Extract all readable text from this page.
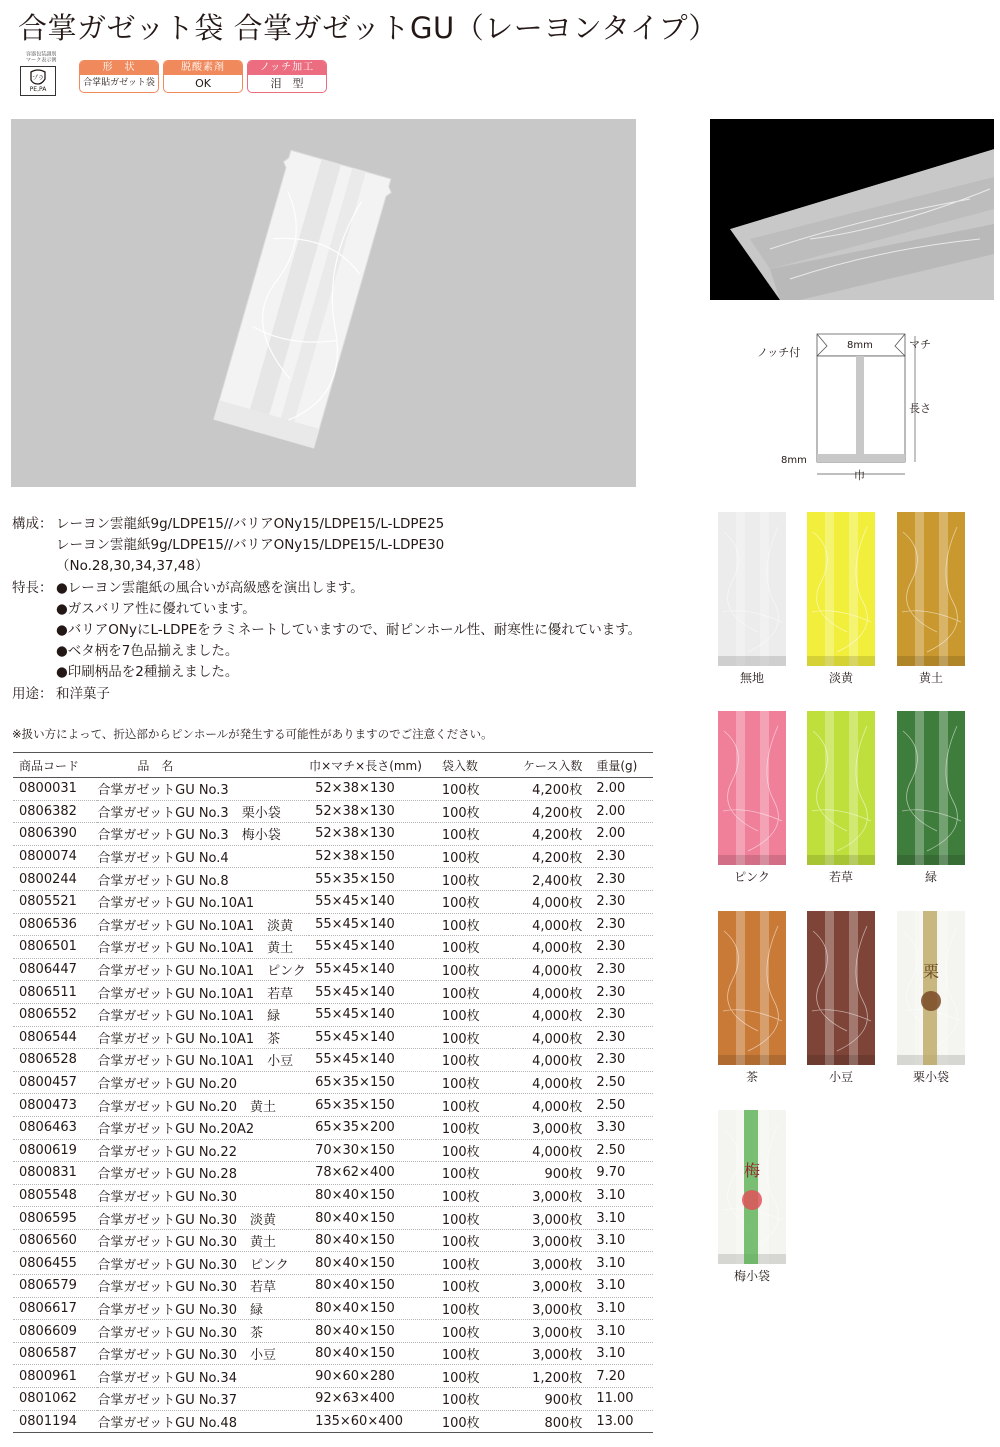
合掌ガゼット袋 合掌ガゼットGU（レーヨンタイプ）
容器包装識別
マーク表示例
プラ
PE,PA
形　状
合掌貼ガゼット袋
脱酸素剤
OK
ノッチ加工
泪　型
ノッチ付
8mm	マチ
長さ
8mm
巾
無地	淡黄	黄土
ピンク	若草	緑
茶	小豆
栗
栗小袋
梅
梅小袋
構成： レーヨン雲龍紙9g/LDPE15//バリアONy15/LDPE15/L-LDPE25
レーヨン雲龍紙9g/LDPE15//バリアONy15/LDPE15/L-LDPE30
（No.28,30,34,37,48）
特長： ●レーヨン雲龍紙の風合いが高級感を演出します。
●ガスバリア性に優れています。
●バリアONyにL-LDPEをラミネートしていますので、耐ピンホール性、耐寒性に優れています。
●ベタ柄を7色品揃えました。
●印刷柄品を2種揃えました。
用途： 和洋菓子
※扱い方によって、折込部からピンホールが発生する可能性がありますのでご注意ください。
商品コード	品　名	巾×マチ×長さ(mm)	袋入数	ケース入数	重量(g)
0800031	合掌ガゼットGU No.3	52×38×130	100枚	4,200枚	2.00
0806382	合掌ガゼットGU No.3　栗小袋	52×38×130	100枚	4,200枚	2.00
0806390	合掌ガゼットGU No.3　梅小袋	52×38×130	100枚	4,200枚	2.00
0800074	合掌ガゼットGU No.4	52×38×150	100枚	4,200枚	2.30
0800244	合掌ガゼットGU No.8	55×35×150	100枚	2,400枚	2.30
0805521	合掌ガゼットGU No.10A1	55×45×140	100枚	4,000枚	2.30
0806536	合掌ガゼットGU No.10A1　淡黄	55×45×140	100枚	4,000枚	2.30
0806501	合掌ガゼットGU No.10A1　黄土	55×45×140	100枚	4,000枚	2.30
0806447	合掌ガゼットGU No.10A1　ピンク	55×45×140	100枚	4,000枚	2.30
0806511	合掌ガゼットGU No.10A1　若草	55×45×140	100枚	4,000枚	2.30
0806552	合掌ガゼットGU No.10A1　緑	55×45×140	100枚	4,000枚	2.30
0806544	合掌ガゼットGU No.10A1　茶	55×45×140	100枚	4,000枚	2.30
0806528	合掌ガゼットGU No.10A1　小豆	55×45×140	100枚	4,000枚	2.30
0800457	合掌ガゼットGU No.20	65×35×150	100枚	4,000枚	2.50
0800473	合掌ガゼットGU No.20　黄土	65×35×150	100枚	4,000枚	2.50
0806463	合掌ガゼットGU No.20A2	65×35×200	100枚	3,000枚	3.30
0800619	合掌ガゼットGU No.22	70×30×150	100枚	4,000枚	2.50
0800831	合掌ガゼットGU No.28	78×62×400	100枚	900枚	9.70
0805548	合掌ガゼットGU No.30	80×40×150	100枚	3,000枚	3.10
0806595	合掌ガゼットGU No.30　淡黄	80×40×150	100枚	3,000枚	3.10
0806560	合掌ガゼットGU No.30　黄土	80×40×150	100枚	3,000枚	3.10
0806455	合掌ガゼットGU No.30　ピンク	80×40×150	100枚	3,000枚	3.10
0806579	合掌ガゼットGU No.30　若草	80×40×150	100枚	3,000枚	3.10
0806617	合掌ガゼットGU No.30　緑	80×40×150	100枚	3,000枚	3.10
0806609	合掌ガゼットGU No.30　茶	80×40×150	100枚	3,000枚	3.10
0806587	合掌ガゼットGU No.30　小豆	80×40×150	100枚	3,000枚	3.10
0800961	合掌ガゼットGU No.34	90×60×280	100枚	1,200枚	7.20
0801062	合掌ガゼットGU No.37	92×63×400	100枚	900枚	11.00
0801194	合掌ガゼットGU No.48	135×60×400	100枚	800枚	13.00
